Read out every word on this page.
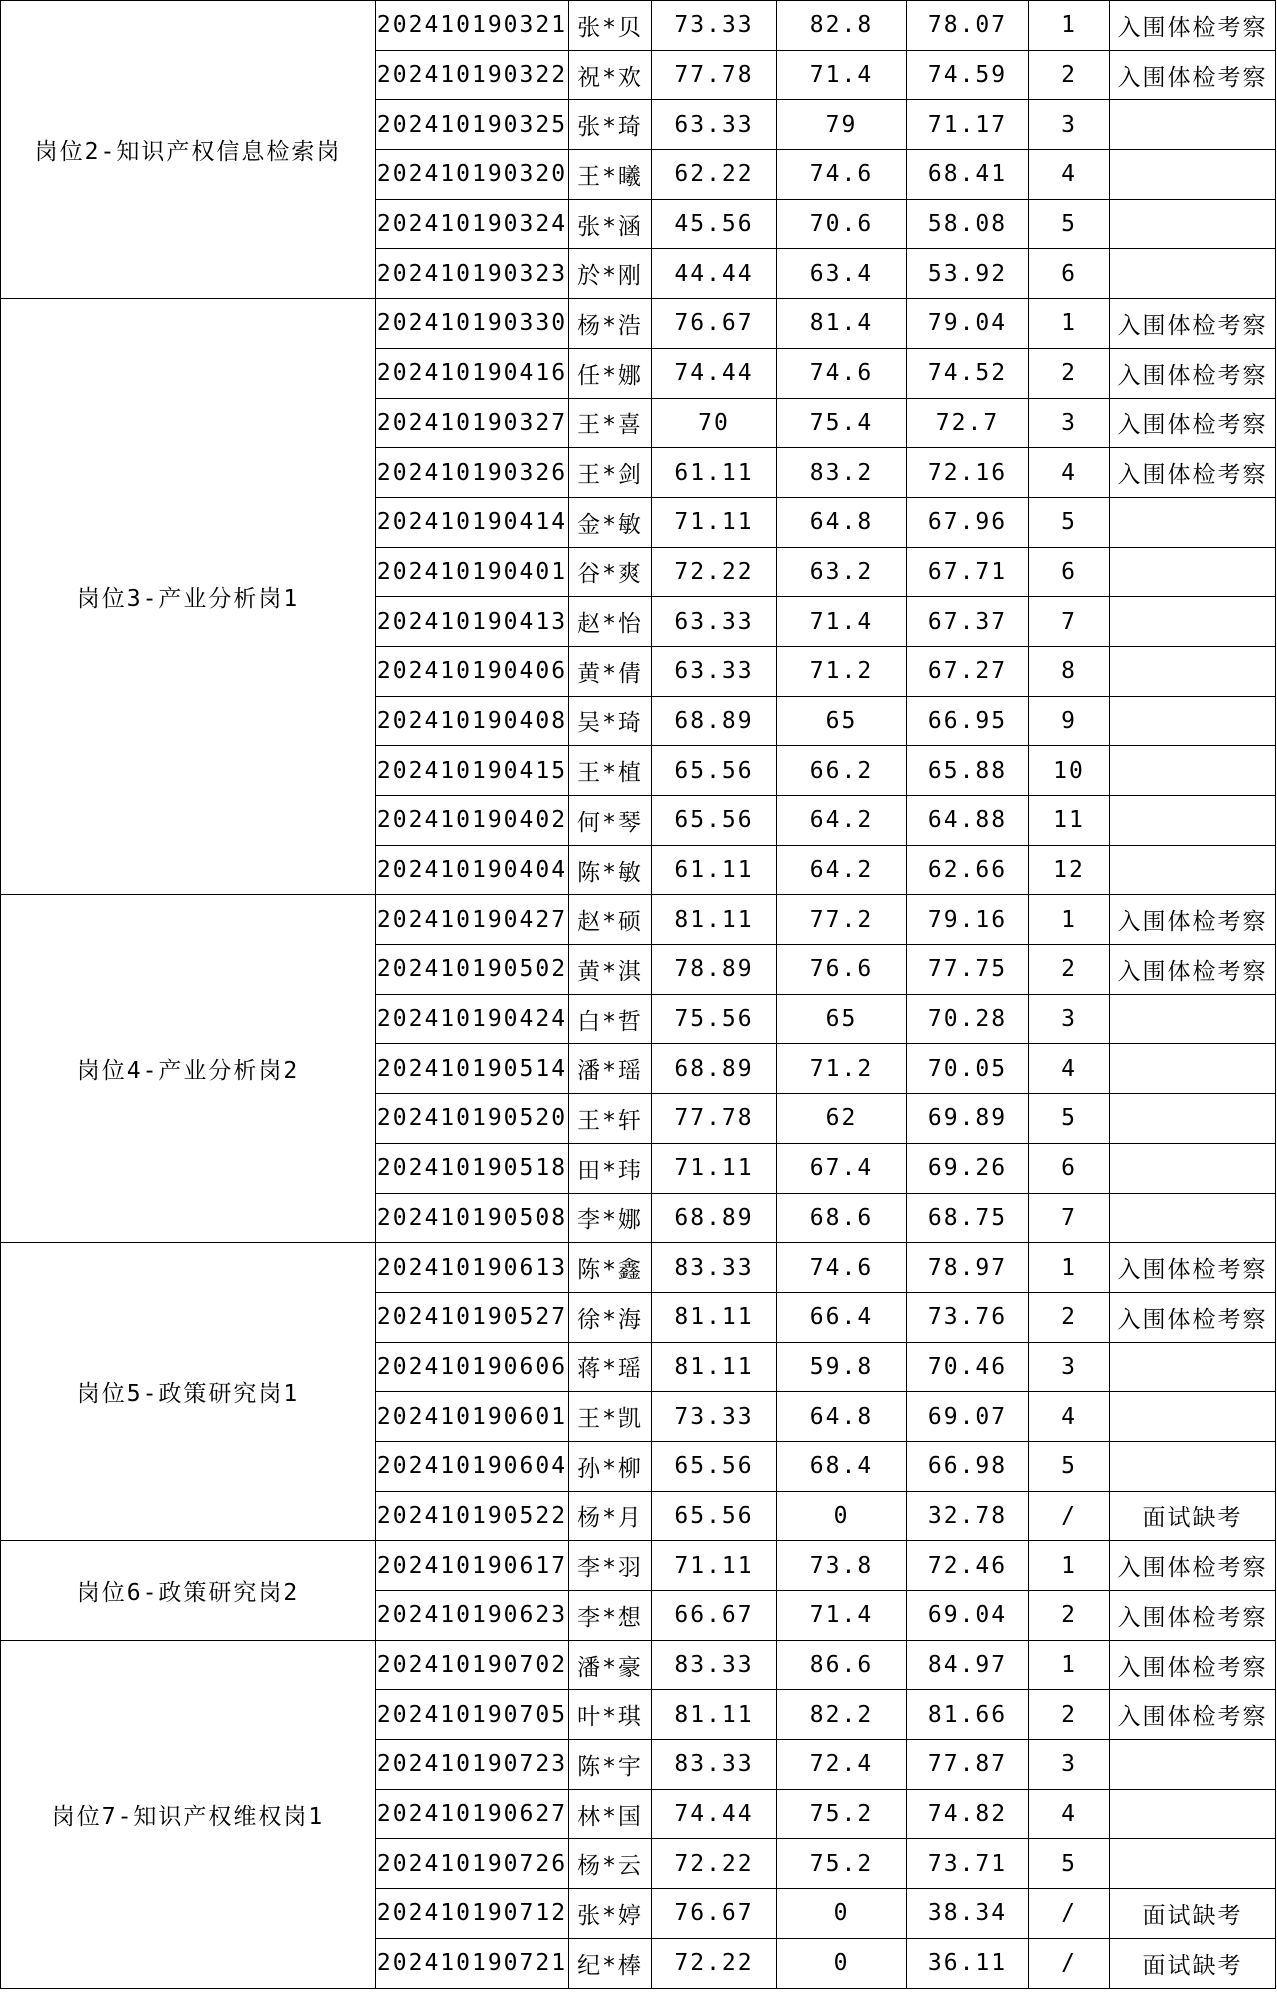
岗位2-知识产权信息检索岗	202410190321	张*贝	73.33	82.8	78.07	1	入围体检考察
	202410190322	祝*欢	77.78	71.4	74.59	2	入围体检考察
	202410190325	张*琦	63.33	79	71.17	3	
	202410190320	王*曦	62.22	74.6	68.41	4	
	202410190324	张*涵	45.56	70.6	58.08	5	
	202410190323	於*刚	44.44	63.4	53.92	6	
岗位3-产业分析岗1	202410190330	杨*浩	76.67	81.4	79.04	1	入围体检考察
	202410190416	任*娜	74.44	74.6	74.52	2	入围体检考察
	202410190327	王*喜	70	75.4	72.7	3	入围体检考察
	202410190326	王*剑	61.11	83.2	72.16	4	入围体检考察
	202410190414	金*敏	71.11	64.8	67.96	5	
	202410190401	谷*爽	72.22	63.2	67.71	6	
	202410190413	赵*怡	63.33	71.4	67.37	7	
	202410190406	黄*倩	63.33	71.2	67.27	8	
	202410190408	吴*琦	68.89	65	66.95	9	
	202410190415	王*植	65.56	66.2	65.88	10	
	202410190402	何*琴	65.56	64.2	64.88	11	
	202410190404	陈*敏	61.11	64.2	62.66	12	
岗位4-产业分析岗2	202410190427	赵*硕	81.11	77.2	79.16	1	入围体检考察
	202410190502	黄*淇	78.89	76.6	77.75	2	入围体检考察
	202410190424	白*哲	75.56	65	70.28	3	
	202410190514	潘*瑶	68.89	71.2	70.05	4	
	202410190520	王*轩	77.78	62	69.89	5	
	202410190518	田*玮	71.11	67.4	69.26	6	
	202410190508	李*娜	68.89	68.6	68.75	7	
岗位5-政策研究岗1	202410190613	陈*鑫	83.33	74.6	78.97	1	入围体检考察
	202410190527	徐*海	81.11	66.4	73.76	2	入围体检考察
	202410190606	蒋*瑶	81.11	59.8	70.46	3	
	202410190601	王*凯	73.33	64.8	69.07	4	
	202410190604	孙*柳	65.56	68.4	66.98	5	
	202410190522	杨*月	65.56	0	32.78	/	面试缺考
岗位6-政策研究岗2	202410190617	李*羽	71.11	73.8	72.46	1	入围体检考察
	202410190623	李*想	66.67	71.4	69.04	2	入围体检考察
岗位7-知识产权维权岗1	202410190702	潘*豪	83.33	86.6	84.97	1	入围体检考察
	202410190705	叶*琪	81.11	82.2	81.66	2	入围体检考察
	202410190723	陈*宇	83.33	72.4	77.87	3	
	202410190627	林*国	74.44	75.2	74.82	4	
	202410190726	杨*云	72.22	75.2	73.71	5	
	202410190712	张*婷	76.67	0	38.34	/	面试缺考
	202410190721	纪*棒	72.22	0	36.11	/	面试缺考
